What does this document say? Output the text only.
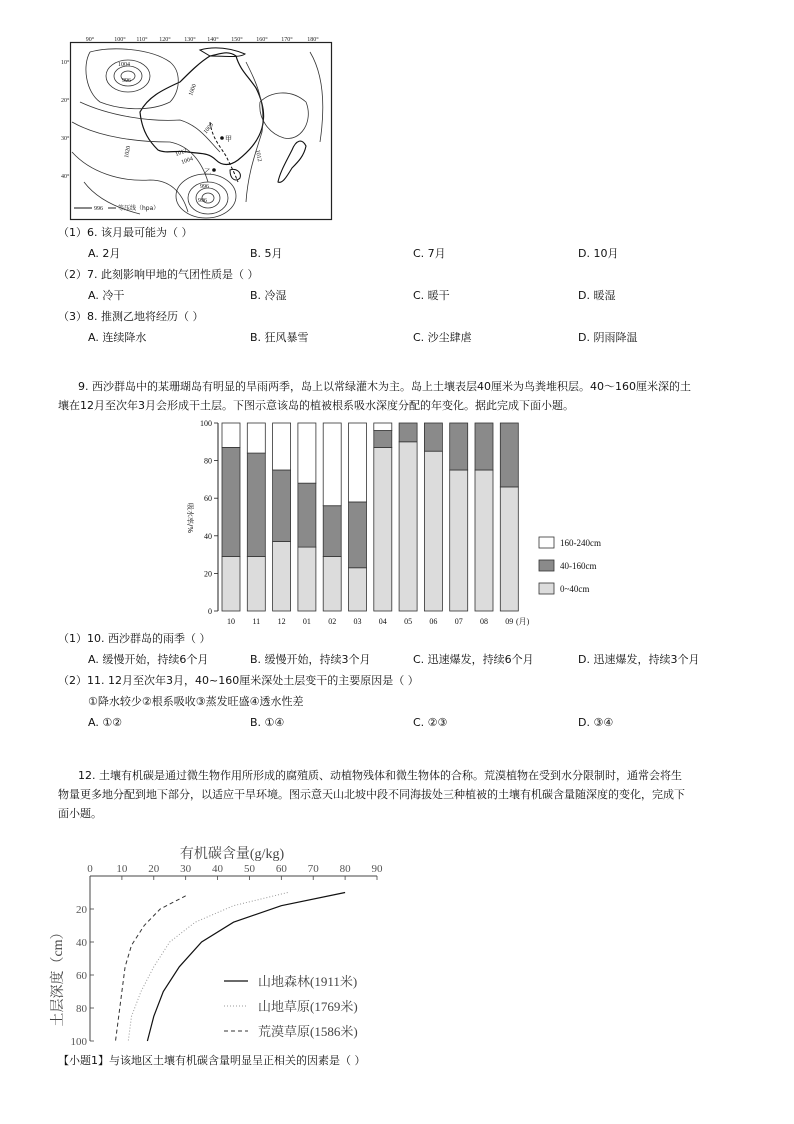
90°	100° 110° 120° 130° 140° 150° 160° 170° 180°
10°
20°
30°
40°
1004
996
1000
1012
1020
1004	1012
1000
996
996
甲
乙
996	等压线（hpa）
（1）6. 该月最可能为（ ）
A. 2月	B. 5月	C. 7月	D. 10月
（2）7. 此刻影响甲地的气团性质是（ ）
A. 冷干	B. 冷湿	C. 暖干	D. 暖湿
（3）8. 推测乙地将经历（ ）
A. 连续降水	B. 狂风暴雪	C. 沙尘肆虐	D. 阴雨降温
9. 西沙群岛中的某珊瑚岛有明显的旱雨两季，岛上以常绿灌木为主。岛上土壤表层40厘米为鸟粪堆积层。40～160厘米深的土
壤在12月至次年3月会形成干土层。下图示意该岛的植被根系吸水深度分配的年变化。据此完成下面小题。
吸水率/%
0
20
40
60
80
100
10 11 12 01 02 03 04 05 06 07 08 09 (月)
160-240cm
40-160cm
0~40cm
（1）10. 西沙群岛的雨季（ ）
A. 缓慢开始，持续6个月	B. 缓慢开始，持续3个月	C. 迅速爆发，持续6个月	D. 迅速爆发，持续3个月
（2）11. 12月至次年3月，40~160厘米深处土层变干的主要原因是（ ）
①降水较少②根系吸收③蒸发旺盛④透水性差
A. ①②	B. ①④	C. ②③	D. ③④
12. 土壤有机碳是通过微生物作用所形成的腐殖质、动植物残体和微生物体的合称。荒漠植物在受到水分限制时，通常会将生
物量更多地分配到地下部分，以适应干旱环境。图示意天山北坡中段不同海拔处三种植被的土壤有机碳含量随深度的变化，完成下
面小题。
有机碳含量(g/kg)
土层深度（cm）
0 10 20 30 40 50 60 70 80 90
20
40
60
80
100
山地森林(1911米)
山地草原(1769米)
荒漠草原(1586米)
【小题1】与该地区土壤有机碳含量明显呈正相关的因素是（ ）
